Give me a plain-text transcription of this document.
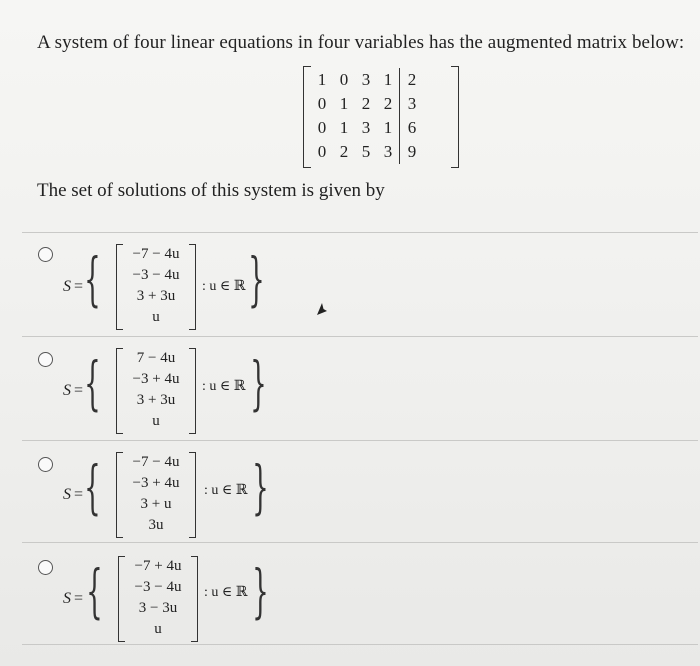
A system of four linear equations in four variables has the augmented matrix below:
1	0	3	1	2
0	1	2	2	3
0	1	3	1	6
0	2	5	3	9
The set of solutions of this system is given by
S = {	−7 − 4u
−3 − 4u
3 + 3u
u
: u ∈ ℝ }
S = {	7 − 4u
−3 + 4u
3 + 3u
u
: u ∈ ℝ }
S = {	−7 − 4u
−3 + 4u
3 + u
3u
: u ∈ ℝ }
S = {	−7 + 4u
−3 − 4u
3 − 3u
u
: u ∈ ℝ }
